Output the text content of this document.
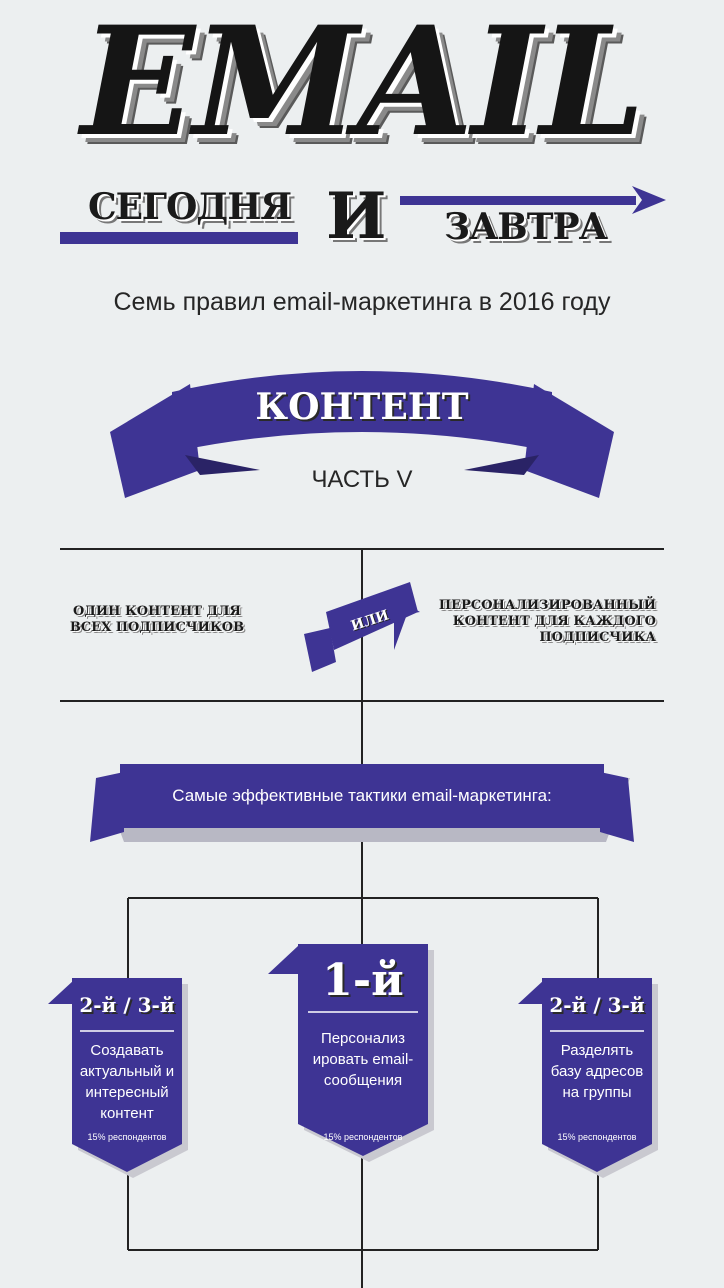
EMAIL
СЕГОДНЯ И ЗАВТРА
Семь правил email-маркетинга в 2016 году
КОНТЕНТ
ЧАСТЬ V
ОДИН КОНТЕНТ ДЛЯ ВСЕХ ПОДПИСЧИКОВ	ИЛИ
ПЕРСОНАЛИЗИРОВАННЫЙ КОНТЕНТ ДЛЯ КАЖДОГО ПОДПИСЧИКА
Самые эффективные тактики email-маркетинга:
2-й / 3-й
Создавать актуальный и интересный контент
15% респондентов
1-й
Персонализ ировать email- сообщения
15% респондентов
2-й / 3-й
Разделять базу адресов на группы
15% респондентов
